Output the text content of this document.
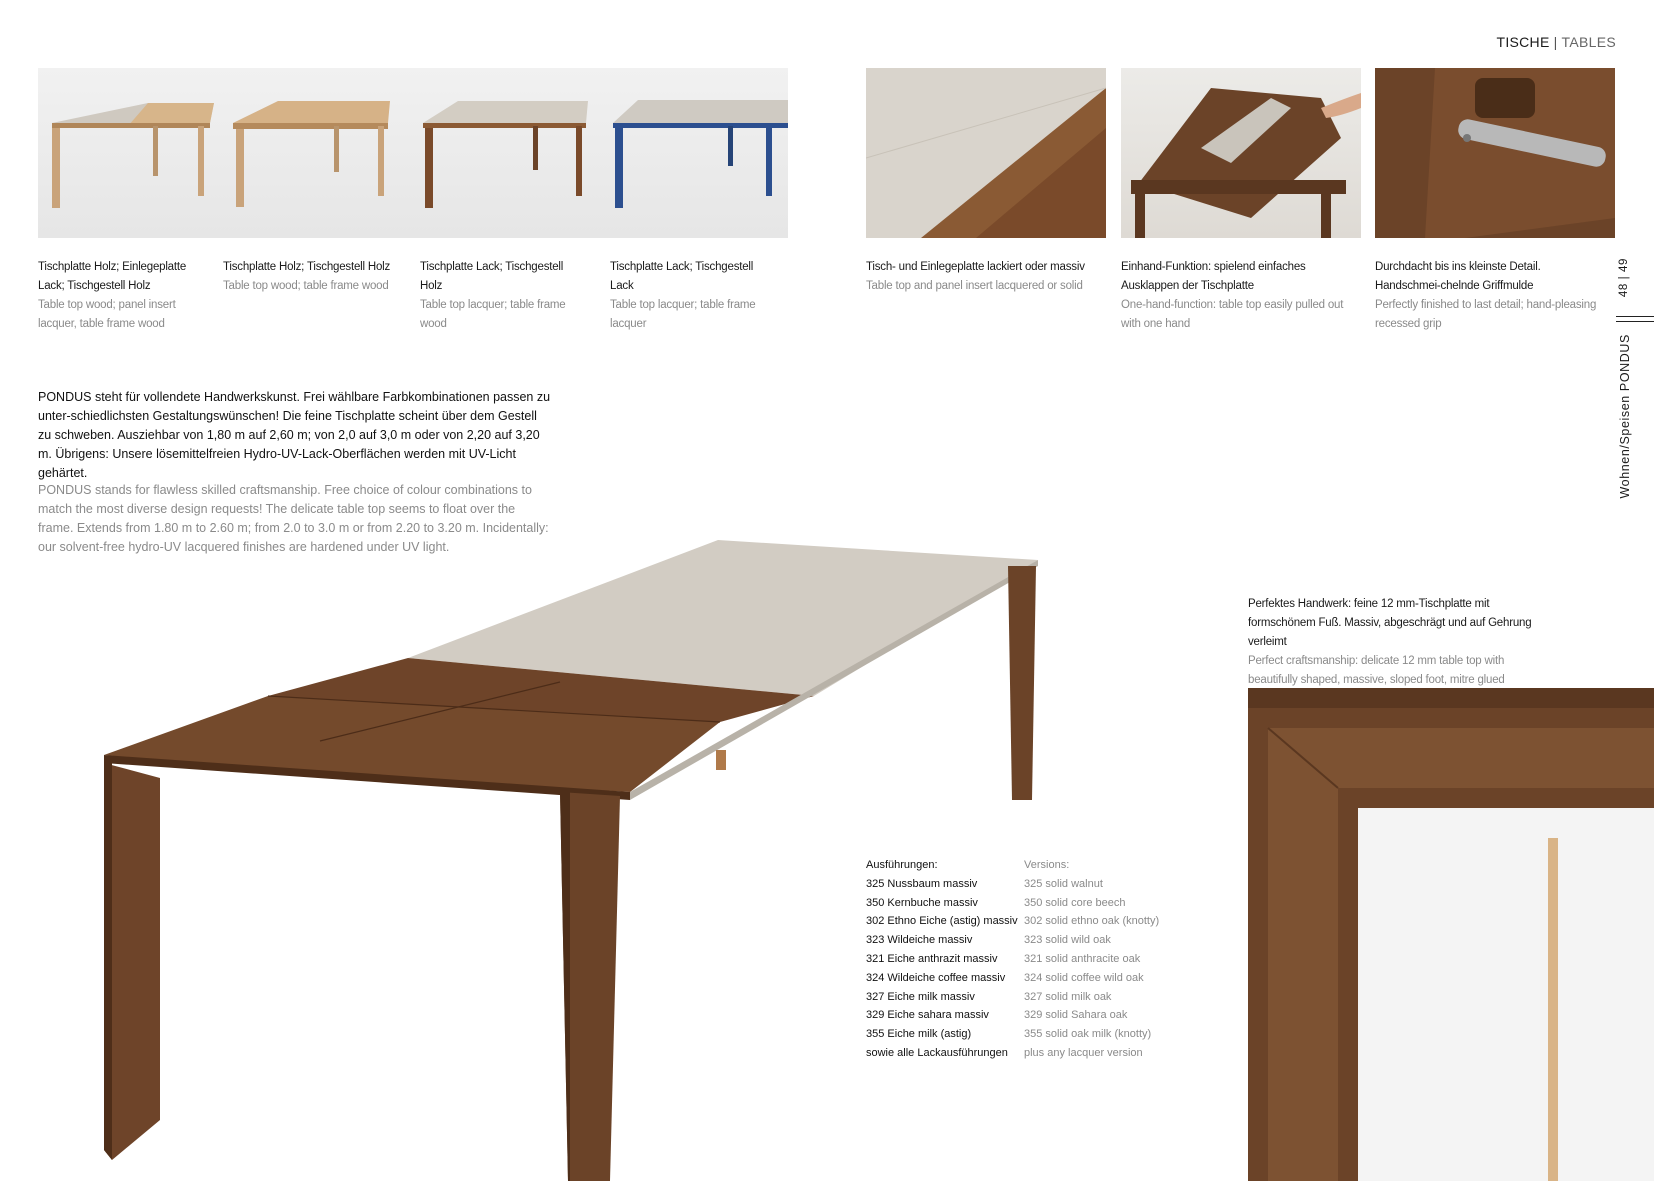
TISCHE | TABLES
48 | 49
Wohnen/Speisen PONDUS
Tischplatte Holz; Einlegeplatte Lack; Tischgestell Holz
Table top wood; panel insert lacquer, table frame wood
Tischplatte Holz; Tischgestell Holz
Table top wood; table frame wood
Tischplatte Lack; Tischgestell Holz
Table top lacquer; table frame wood
Tischplatte Lack; Tischgestell Lack
Table top lacquer; table frame lacquer
Tisch- und Einlegeplatte lackiert oder massiv
Table top and panel insert lacquered or solid
Einhand-Funktion: spielend einfaches Ausklappen der Tischplatte
One-hand-function: table top easily pulled out with one hand
Durchdacht bis ins kleinste Detail. Handschmei-chelnde Griffmulde
Perfectly finished to last detail; hand-pleasing recessed grip
PONDUS steht für vollendete Handwerkskunst. Frei wählbare Farbkombinationen passen zu unter-schiedlichsten Gestaltungswünschen! Die feine Tischplatte scheint über dem Gestell zu schweben. Ausziehbar von 1,80 m auf 2,60 m; von 2,0 auf 3,0 m oder von 2,20 auf 3,20 m. Übrigens: Unsere lösemittelfreien Hydro-UV-Lack-Oberflächen werden mit UV-Licht gehärtet.
PONDUS stands for flawless skilled craftsmanship. Free choice of colour combinations to match the most diverse design requests! The delicate table top seems to float over the frame. Extends from 1.80 m to 2.60 m; from 2.0 to 3.0 m or from 2.20 to 3.20 m. Incidentally: our solvent-free hydro-UV lacquered finishes are hardened under UV light.
Perfektes Handwerk: feine 12 mm-Tischplatte mit formschönem Fuß. Massiv, abgeschrägt und auf Gehrung verleimt
Perfect craftsmanship: delicate 12 mm table top with beautifully shaped, massive, sloped foot, mitre glued
Ausführungen:
325 Nussbaum massiv
350 Kernbuche massiv
302 Ethno Eiche (astig) massiv
323 Wildeiche massiv
321 Eiche anthrazit massiv
324 Wildeiche coffee massiv
327 Eiche milk massiv
329 Eiche sahara massiv
355 Eiche milk (astig)
sowie alle Lackausführungen
Versions:
325 solid walnut
350 solid core beech
302 solid ethno oak (knotty)
323 solid wild oak
321 solid anthracite oak
324 solid coffee wild oak
327 solid milk oak
329 solid Sahara oak
355 solid oak milk (knotty)
plus any lacquer version
